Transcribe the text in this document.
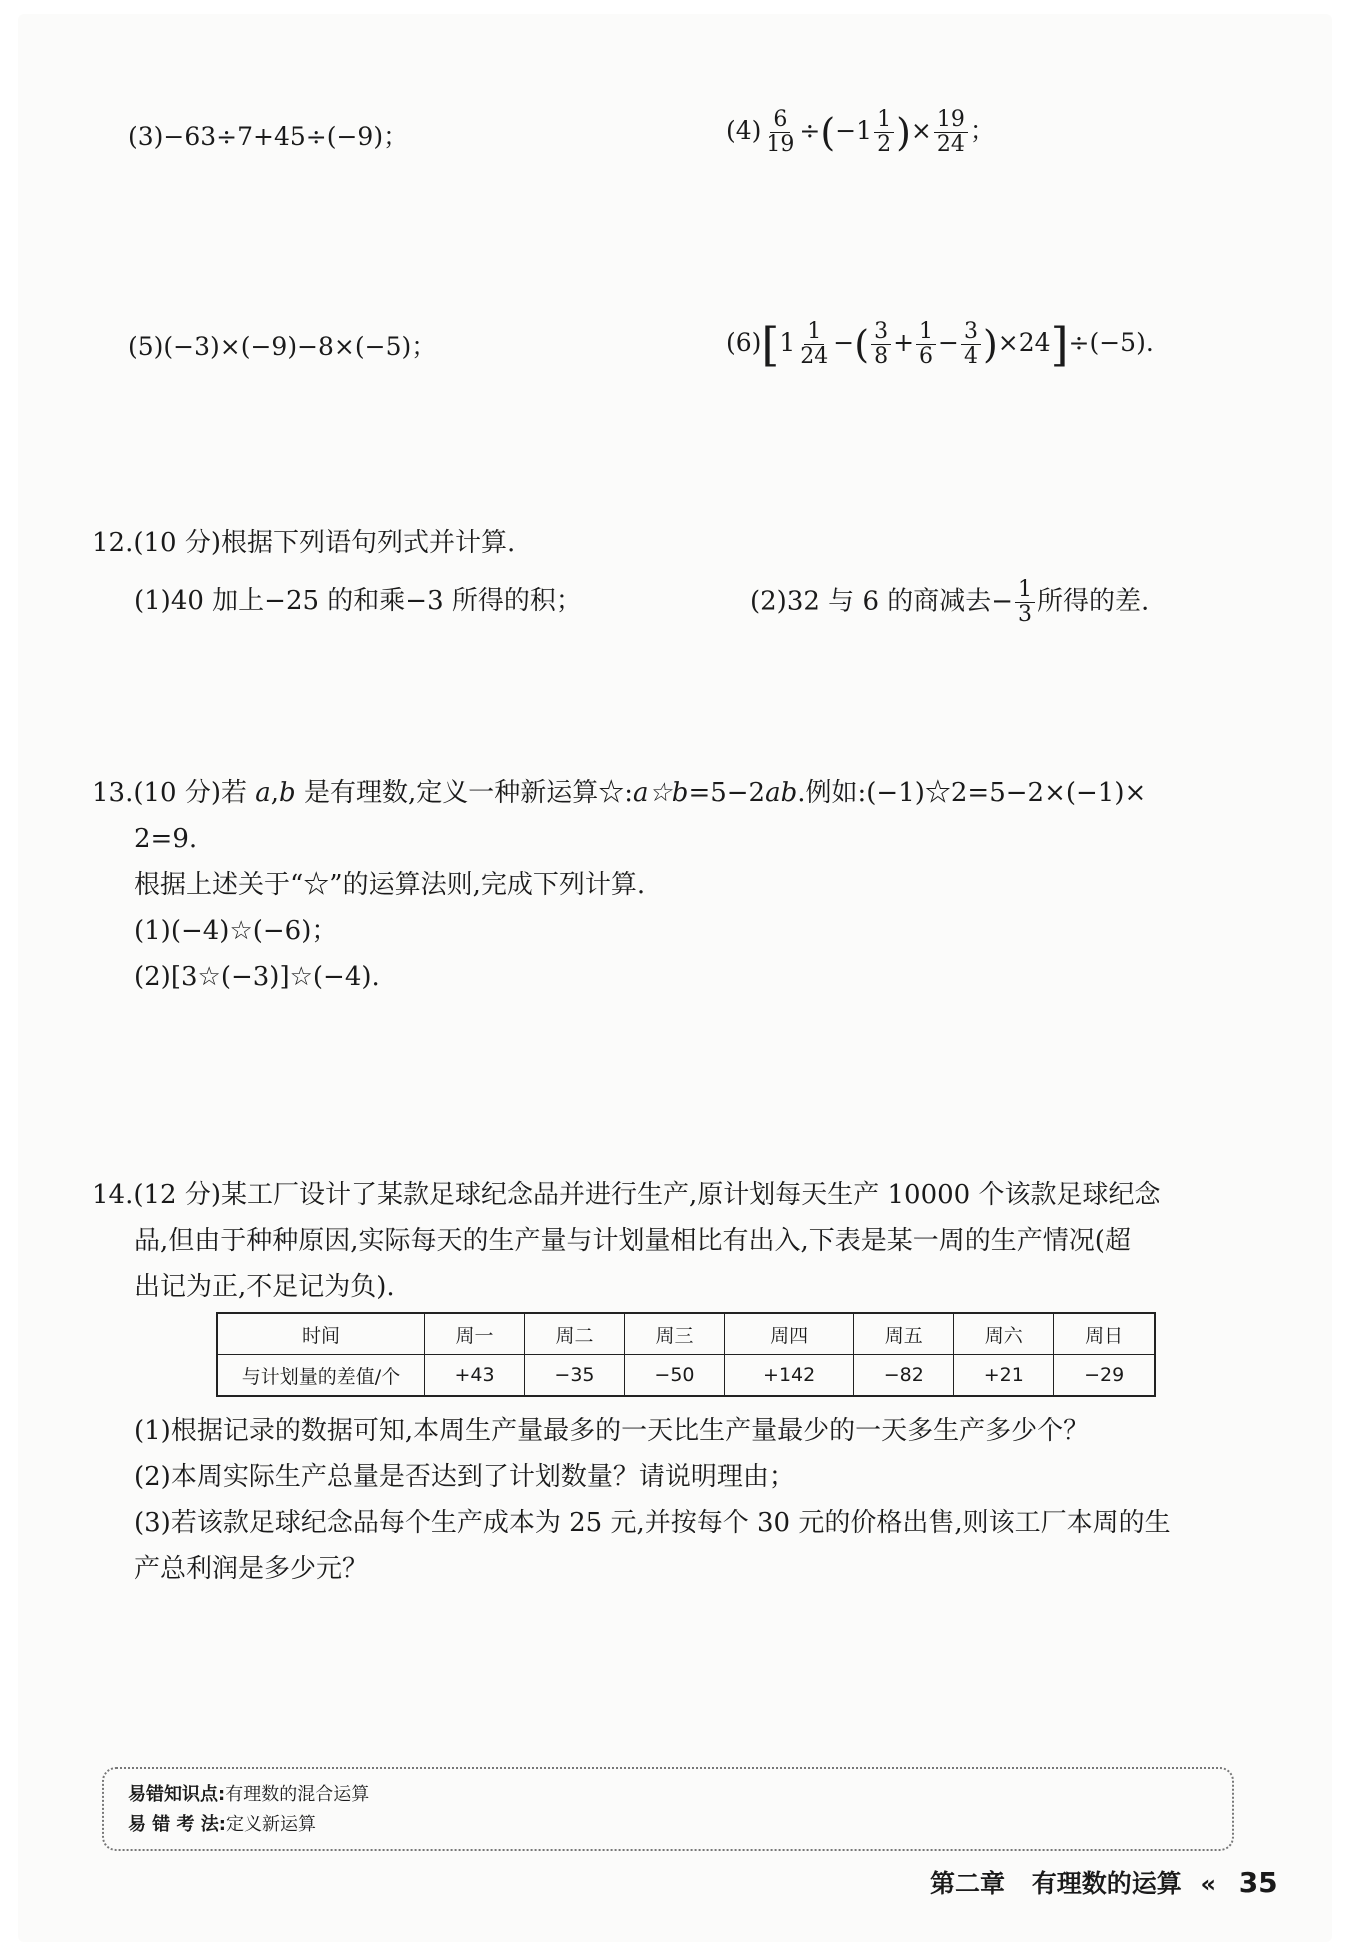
(3)−63÷7+45÷(−9)；	$(4) \frac{6}{19} \div(-1 \frac{1}{2}$ )× $\frac{19}{24}$ ；
(5)(−3)×(−9)−8×(−5)；	$(6)[1 \frac{1}{24}$ −( $\frac{3}{8} + \frac{1}{6} - \frac{3}{4} )\times 24]\div(-5)$.
12.(10 分)根据下列语句列式并计算.
(1)40 加上−25 的和乘−3 所得的积；	(2)32 与 6 的商减去− $\frac{1}{3}$ 所得的差.
13.(10 分)若 a,b 是有理数,定义一种新运算☆:a☆b=5−2ab.例如:(−1)☆2=5−2×(−1)×
2=9.
根据上述关于“☆”的运算法则,完成下列计算.
(1)(−4)☆(−6)；
(2)[3☆(−3)]☆(−4).
14.(12 分)某工厂设计了某款足球纪念品并进行生产,原计划每天生产 10000 个该款足球纪念
品,但由于种种原因,实际每天的生产量与计划量相比有出入,下表是某一周的生产情况(超
出记为正,不足记为负).
时间	周一	周二	周三	周四	周五	周六	周日
与计划量的差值/个	+43	−35	−50	+142	−82	+21	−29
(1)根据记录的数据可知,本周生产量最多的一天比生产量最少的一天多生产多少个？
(2)本周实际生产总量是否达到了计划数量？请说明理由；
(3)若该款足球纪念品每个生产成本为 25 元,并按每个 30 元的价格出售,则该工厂本周的生
产总利润是多少元？
易错知识点:有理数的混合运算
易 错 考 法:定义新运算
第二章 有理数的运算 « 35
